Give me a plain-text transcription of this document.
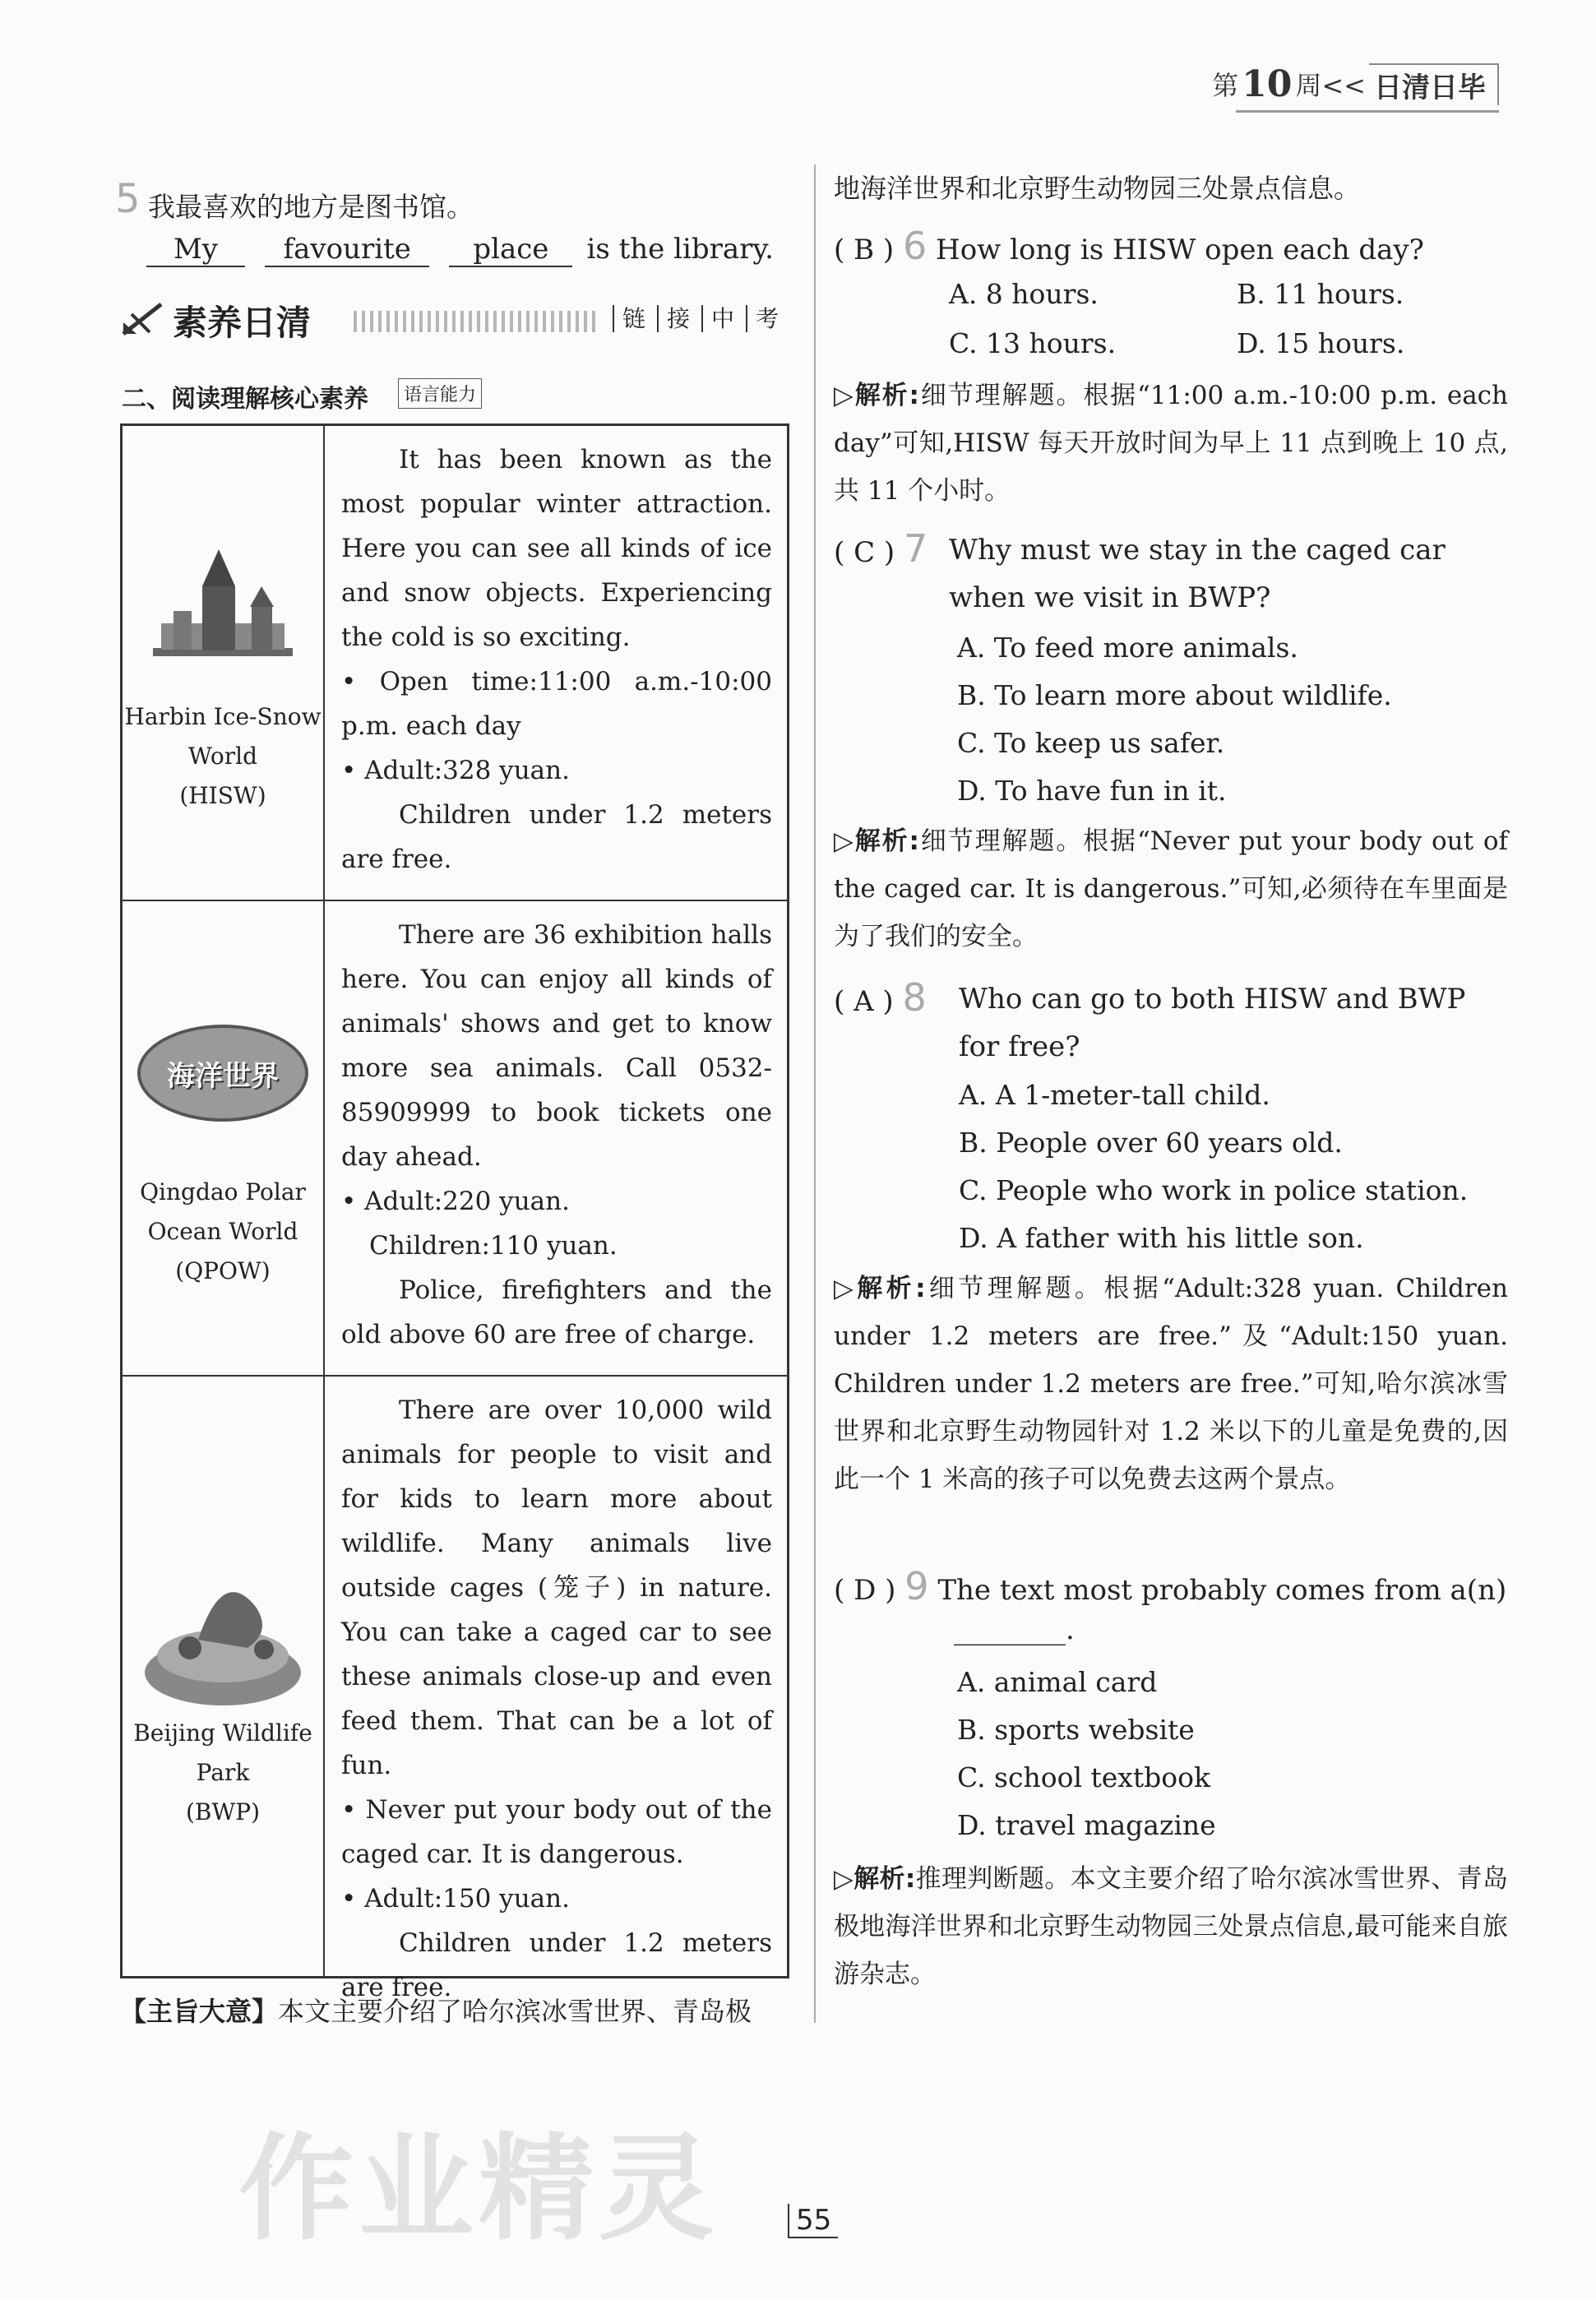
第 10 周<< 日清日毕
5 我最喜欢的地方是图书馆。
My favourite place is the library.
素养日清	链 接 中 考
二、阅读理解核心素养	语言能力
Harbin Ice-Snow
World
(HISW)

It has been known as the most popular winter attraction. Here you can see all kinds of ice and snow objects. Experiencing the cold is so exciting.

• Open time:11:00 a.m.-10:00 p.m. each day

• Adult:328 yuan.

Children under 1.2 meters are free.

海洋世界
Qingdao Polar
Ocean World
(QPOW)

There are 36 exhibition halls here. You can enjoy all kinds of animals' shows and get to know more sea animals. Call 0532-85909999 to book tickets one day ahead.

• Adult:220 yuan.

Children:110 yuan.

Police, firefighters and the old above 60 are free of charge.

Beijing Wildlife
Park
(BWP)

There are over 10,000 wild animals for people to visit and for kids to learn more about wildlife. Many animals live outside cages (笼子) in nature. You can take a caged car to see these animals close-up and even feed them. That can be a lot of fun.

• Never put your body out of the caged car. It is dangerous.

• Adult:150 yuan.

Children under 1.2 meters are free.

【主旨大意】本文主要介绍了哈尔滨冰雪世界、青岛极
地海洋世界和北京野生动物园三处景点信息。
( B ) 6 How long is HISW open each day?
A. 8 hours.	B. 11 hours.
C. 13 hours.	D. 15 hours.
▷解析:细节理解题。根据“11:00 a.m.-10:00 p.m. each day”可知,HISW 每天开放时间为早上 11 点到晚上 10 点,共 11 个小时。
( C ) 7 Why must we stay in the caged car when we visit in BWP?
A. To feed more animals.
B. To learn more about wildlife.
C. To keep us safer.
D. To have fun in it.
▷解析:细节理解题。根据“Never put your body out of the caged car. It is dangerous.”可知,必须待在车里面是为了我们的安全。
( A ) 8 Who can go to both HISW and BWP for free?
A. A 1-meter-tall child.
B. People over 60 years old.
C. People who work in police station.
D. A father with his little son.
▷解析:细节理解题。根据“Adult:328 yuan. Children under 1.2 meters are free.”及“Adult:150 yuan. Children under 1.2 meters are free.”可知,哈尔滨冰雪世界和北京野生动物园针对 1.2 米以下的儿童是免费的,因此一个 1 米高的孩子可以免费去这两个景点。
( D ) 9 The text most probably comes from a(n)
________.
A. animal card
B. sports website
C. school textbook
D. travel magazine
▷解析:推理判断题。本文主要介绍了哈尔滨冰雪世界、青岛极地海洋世界和北京野生动物园三处景点信息,最可能来自旅游杂志。
作业精灵	55
